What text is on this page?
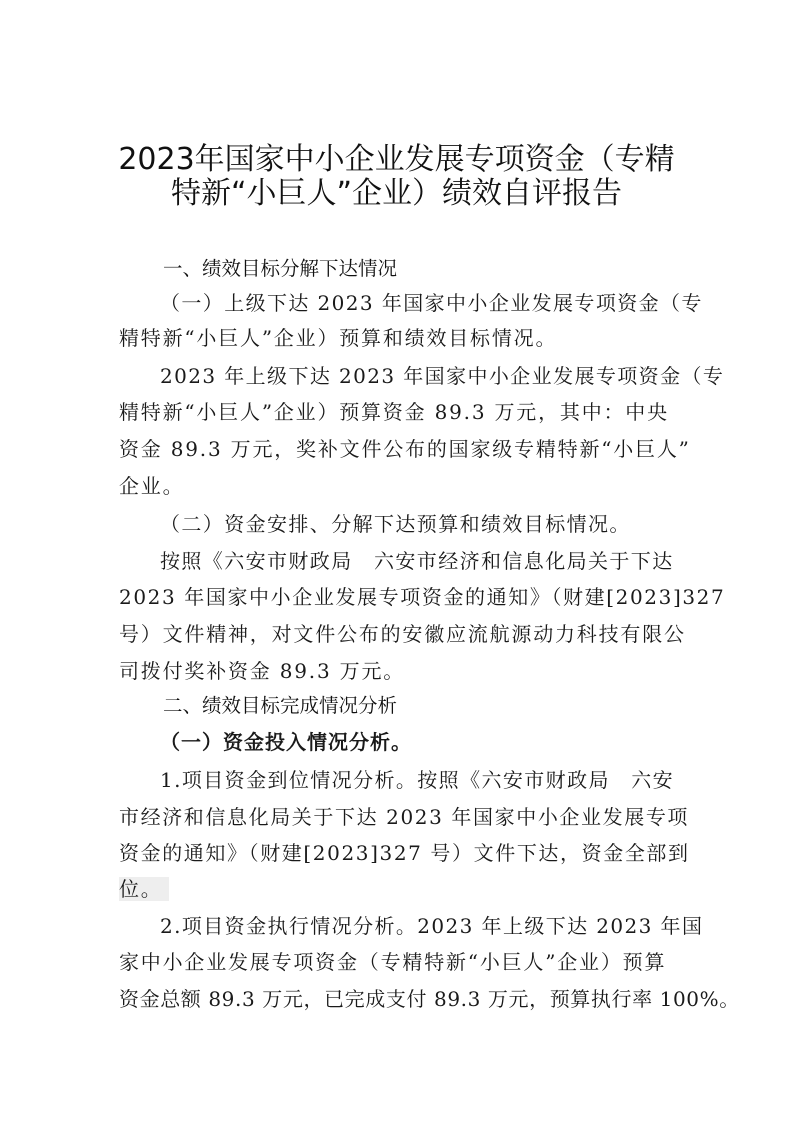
2023年国家中小企业发展专项资金（专精
特新“小巨人”企业）绩效自评报告

一、绩效目标分解下达情况

（一）上级下达 2023 年国家中小企业发展专项资金（专

精特新“小巨人”企业）预算和绩效目标情况。

2023 年上级下达 2023 年国家中小企业发展专项资金（专

精特新“小巨人”企业）预算资金 89.3 万元，其中：中央

资金 89.3 万元，奖补文件公布的国家级专精特新“小巨人”

企业。

（二）资金安排、分解下达预算和绩效目标情况。

按照《六安市财政局　六安市经济和信息化局关于下达

2023 年国家中小企业发展专项资金的通知》（财建[2023]327

号）文件精神，对文件公布的安徽应流航源动力科技有限公

司拨付奖补资金 89.3 万元。

二、绩效目标完成情况分析

（一）资金投入情况分析。

1.项目资金到位情况分析。按照《六安市财政局　六安

市经济和信息化局关于下达 2023 年国家中小企业发展专项

资金的通知》（财建[2023]327 号）文件下达，资金全部到

位。

2.项目资金执行情况分析。2023 年上级下达 2023 年国

家中小企业发展专项资金（专精特新“小巨人”企业）预算

资金总额 89.3 万元，已完成支付 89.3 万元，预算执行率 100%。
